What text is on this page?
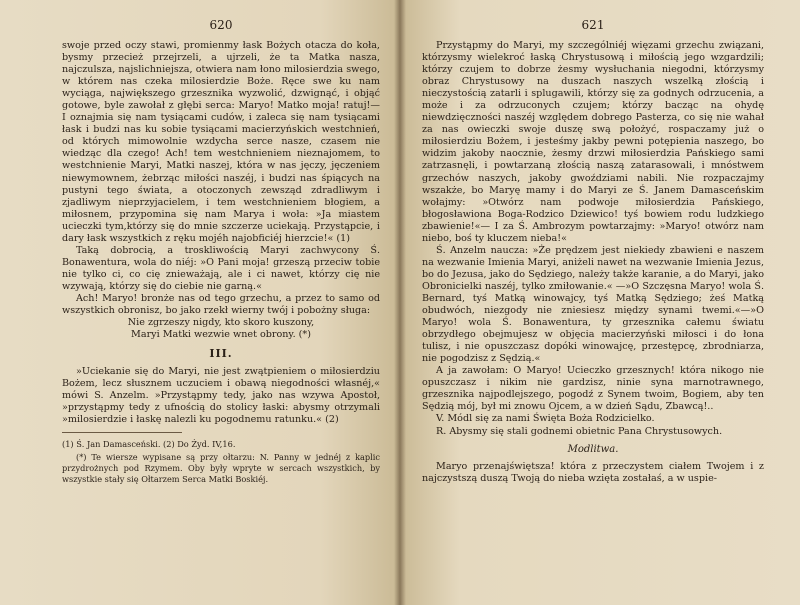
620

swoje przed oczy stawi, promienmy łask Bożych otacza do koła, bysmy przecież przejrzeli, a ujrzeli, że ta Matka nasza, najczulsza, najslichniejsza, otwiera nam łono milosierdzia swego, w którem nas czeka milosierdzie Boże. Ręce swe ku nam wyciąga, największego grzesznika wyzwolić, dzwignąć, i objąć gotowe, byle zawołał z głębi serca: Maryo! Matko moja! ratuj!— I oznajmia się nam tysiącami cudów, i zaleca się nam tysiącami łask i budzi nas ku sobie tysiącami macierzyńskich westchnień, od których mimowolnie wzdycha serce nasze, czasem nie wiedząc dla czego! Ach! tem westchnieniem nieznajomem, to westchnienie Maryi, Matki naszej, która w nas jęczy, jęczeniem niewymownem, żebrząc miłości naszéj, i budzi nas śpiących na pustyni tego świata, a otoczonych zewsząd zdradliwym i zjadliwym nieprzyjacielem, i tem westchnieniem błogiem, a miłosnem, przypomina się nam Marya i woła: »Ja miastem ucieczki tym,którzy się do mnie szczerze uciekają. Przystąpcie, i dary łask wszystkich z ręku mojéh najobficiéj hierzcie!« (1)

Taką dobrocią, a troskliwością Maryi zachwycony Ś. Bonawentura, wola do niéj: »O Pani moja! grzeszą przeciw tobie nie tylko ci, co cię znieważają, ale i ci nawet, którzy cię nie wzywają, którzy się do ciebie nie garną.«

Ach! Maryo! bronże nas od tego grzechu, a przez to samo od wszystkich obronisz, bo jako rzekł wierny twój i pobożny sługa:

Nie zgrzeszy nigdy, kto skoro kuszony,
Maryi Matki wezwie wnet obrony. (*)
III.

»Uciekanie się do Maryi, nie jest zwątpieniem o miłosierdziu Bożem, lecz słusznem uczuciem i obawą niegodności własnéj,« mówi S. Anzelm. »Przystąpmy tedy, jako nas wzywa Apostoł, »przystąpmy tedy z ufnością do stolicy łaski: abysmy otrzymali »milosierdzie i łaskę nalezli ku pogodnemu ratunku.« (2)

(1) Ś. Jan Damasceński. (2) Do Żyd. IV,16.

(*) Te wiersze wypisane są przy ołtarzu: N. Panny w jednéj z kaplic przydrożnych pod Rzymem. Oby były wpryte w sercach wszystkich, by wszystkie stały się Ołtarzem Serca Matki Boskiéj.

621

Przystąpmy do Maryi, my szczególniéj więzami grzechu związani, którzysmy wielekroć łaską Chrystusową i miłością jego wzgardzili; którzy czujem to dobrze żesmy wysłuchania niegodni, którzysmy obraz Chrystusowy na duszach naszych wszelką złością i nieczystością zatarli i splugawili, którzy się za godnych odrzucenia, a może i za odrzuconych czujem; którzy bacząc na ohydę niewdzięczności naszéj względem dobrego Pasterza, co się nie wahał za nas owieczki swoje duszę swą położyć, rospaczamy już o miłosierdziu Bożem, i jesteśmy jakby pewni potępienia naszego, bo widzim jakoby naocznie, żesmy drzwi miłosierdzia Pańskiego sami zatrzasnęli, i powtarzaną złością naszą zatarasowali, i mnóstwem grzechów naszych, jakoby gwoździami nabili. Nie rozpaczajmy wszakże, bo Maryę mamy i do Maryi ze Ś. Janem Damasceńskim wołajmy: »Otwórz nam podwoje miłosierdzia Pańskiego, błogosławiona Boga-Rodzico Dziewico! tyś bowiem rodu ludzkiego zbawienie!«— I za Ś. Ambrozym powtarzajmy: »Maryo! otwórz nam niebo, boś ty kluczem nieba!«

Ś. Anzelm naucza: »Że prędzem jest niekiedy zbawieni e naszem na wezwanie Imienia Maryi, aniżeli nawet na wezwanie Imienia Jezus, bo do Jezusa, jako do Sędziego, należy także karanie, a do Maryi, jako Obronicielki naszéj, tylko zmiłowanie.« —»O Szczęsna Maryo! wola Ś. Bernard, tyś Matką winowajcy, tyś Matką Sędziego; żeś Matką obudwóch, niezgody nie zniesiesz między synami twemi.«—»O Maryo! wola Ś. Bonawentura, ty grzesznika całemu światu obrzydłego obejmujesz w objęcia macierzyński miłosci i do łona tulisz, i nie opuszczasz dopóki winowajcę, przestępcę, zbrodniarza, nie pogodzisz z Sędzią.«

A ja zawołam: O Maryo! Ucieczko grzesznych! która nikogo nie opuszczasz i nikim nie gardzisz, ninie syna marnotrawnego, grzesznika najpodlejszego, pogodź z Synem twoim, Bogiem, aby ten Sędzią mój, był mi znowu Ojcem, a w dzień Sądu, Zbawcą!..

V. Módl się za nami Święta Boża Rodzicielko.

R. Abysmy się stali godnemi obietnic Pana Chrystusowych.

Modlitwa.

Maryo przenajświętsza! która z przeczystem ciałem Twojem i z najczystszą duszą Twoją do nieba wzięta zostałaś, a w uspie-
